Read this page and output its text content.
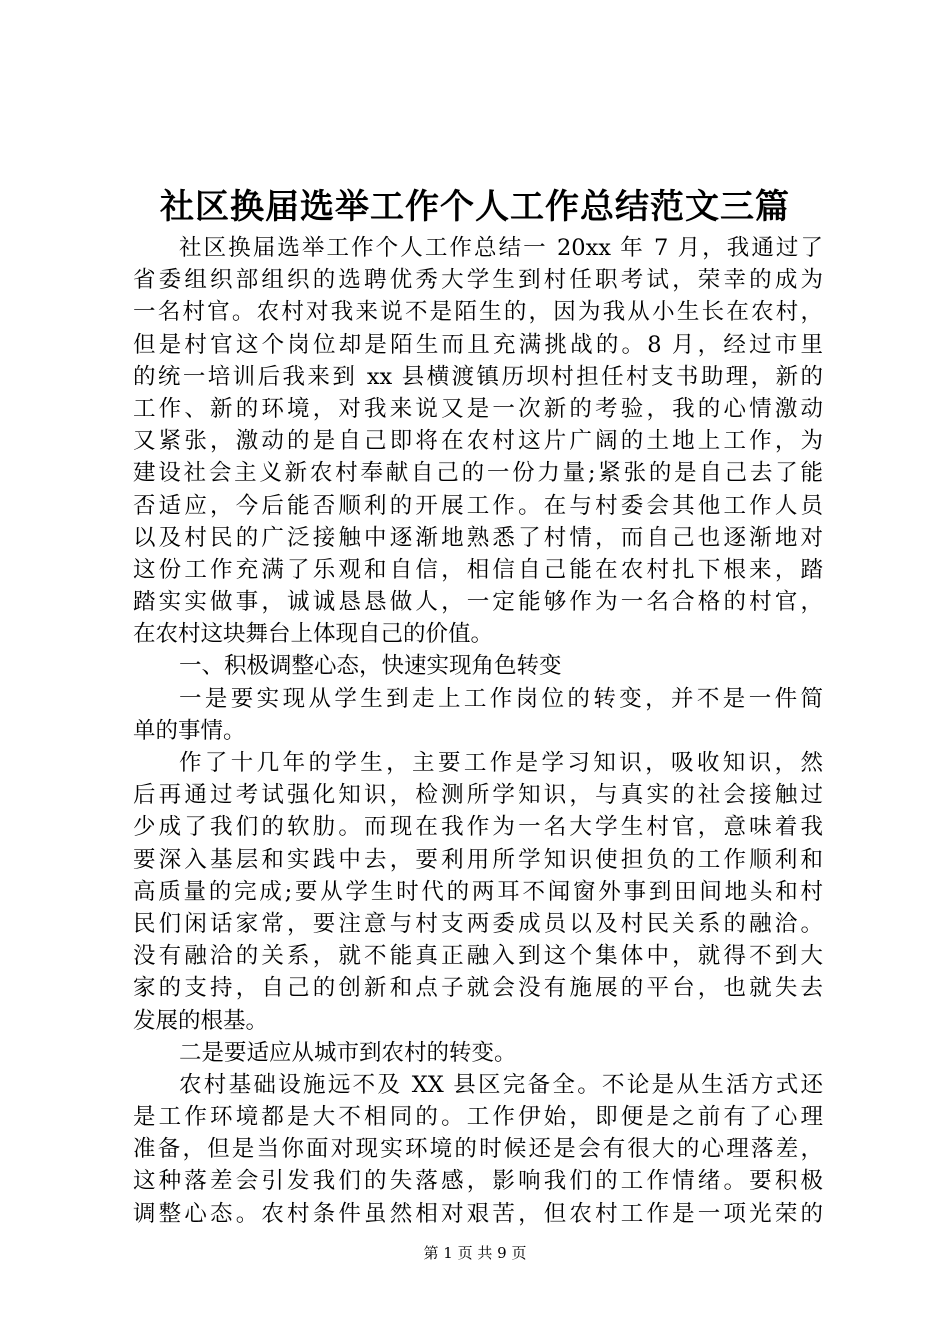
社区换届选举工作个人工作总结范文三篇
社区换届选举工作个人工作总结一 20xx 年 7 月，我通过了
省委组织部组织的选聘优秀大学生到村任职考试，荣幸的成为
一名村官。农村对我来说不是陌生的，因为我从小生长在农村，
但是村官这个岗位却是陌生而且充满挑战的。8 月，经过市里
的统一培训后我来到 xx 县横渡镇历坝村担任村支书助理，新的
工作、新的环境，对我来说又是一次新的考验，我的心情激动
又紧张，激动的是自己即将在农村这片广阔的土地上工作，为
建设社会主义新农村奉献自己的一份力量;紧张的是自己去了能
否适应，今后能否顺利的开展工作。在与村委会其他工作人员
以及村民的广泛接触中逐渐地熟悉了村情，而自己也逐渐地对
这份工作充满了乐观和自信，相信自己能在农村扎下根来，踏
踏实实做事，诚诚恳恳做人，一定能够作为一名合格的村官，
在农村这块舞台上体现自己的价值。
一、积极调整心态，快速实现角色转变
一是要实现从学生到走上工作岗位的转变，并不是一件简
单的事情。
作了十几年的学生，主要工作是学习知识，吸收知识，然
后再通过考试强化知识，检测所学知识，与真实的社会接触过
少成了我们的软肋。而现在我作为一名大学生村官，意味着我
要深入基层和实践中去，要利用所学知识使担负的工作顺利和
高质量的完成;要从学生时代的两耳不闻窗外事到田间地头和村
民们闲话家常，要注意与村支两委成员以及村民关系的融洽。
没有融洽的关系，就不能真正融入到这个集体中，就得不到大
家的支持，自己的创新和点子就会没有施展的平台，也就失去
发展的根基。
二是要适应从城市到农村的转变。
农村基础设施远不及 XX 县区完备全。不论是从生活方式还
是工作环境都是大不相同的。工作伊始，即便是之前有了心理
准备，但是当你面对现实环境的时候还是会有很大的心理落差，
这种落差会引发我们的失落感，影响我们的工作情绪。要积极
调整心态。农村条件虽然相对艰苦，但农村工作是一项光荣的
第 1 页 共 9 页
